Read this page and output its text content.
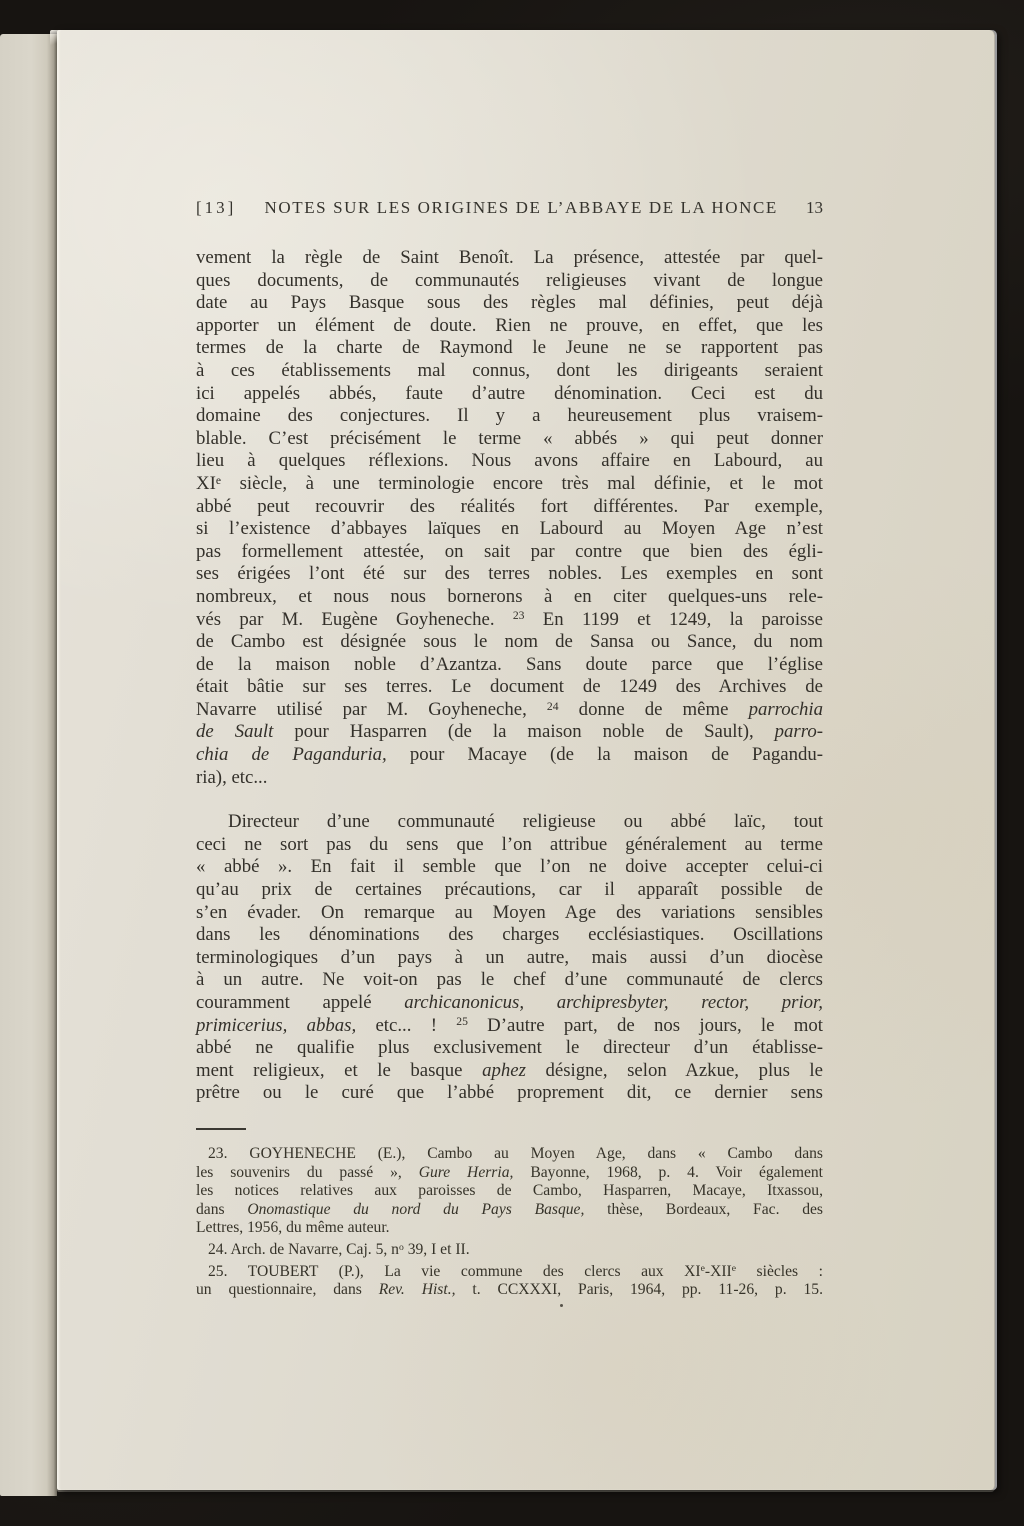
[13]	NOTES SUR LES ORIGINES DE L’ABBAYE DE LA HONCE	13
vement la règle de Saint Benoît. La présence, attestée par quel-
ques documents, de communautés religieuses vivant de longue
date au Pays Basque sous des règles mal définies, peut déjà
apporter un élément de doute. Rien ne prouve, en effet, que les
termes de la charte de Raymond le Jeune ne se rapportent pas
à ces établissements mal connus, dont les dirigeants seraient
ici appelés abbés, faute d’autre dénomination. Ceci est du
domaine des conjectures. Il y a heureusement plus vraisem-
blable. C’est précisément le terme « abbés » qui peut donner
lieu à quelques réflexions. Nous avons affaire en Labourd, au
XIe siècle, à une terminologie encore très mal définie, et le mot
abbé peut recouvrir des réalités fort différentes. Par exemple,
si l’existence d’abbayes laïques en Labourd au Moyen Age n’est
pas formellement attestée, on sait par contre que bien des égli-
ses érigées l’ont été sur des terres nobles. Les exemples en sont
nombreux, et nous nous bornerons à en citer quelques-uns rele-
vés par M. Eugène Goyheneche. $^{23}$ En 1199 et 1249, la paroisse
de Cambo est désignée sous le nom de Sansa ou Sance, du nom
de la maison noble d’Azantza. Sans doute parce que l’église
était bâtie sur ses terres. Le document de 1249 des Archives de
Navarre utilisé par M. Goyheneche, $^{24}$ donne de même parrochia
de Sault pour Hasparren (de la maison noble de Sault), parro-
chia de Paganduria, pour Macaye (de la maison de Pagandu-
ria), etc...
Directeur d’une communauté religieuse ou abbé laïc, tout
ceci ne sort pas du sens que l’on attribue généralement au terme
« abbé ». En fait il semble que l’on ne doive accepter celui-ci
qu’au prix de certaines précautions, car il apparaît possible de
s’en évader. On remarque au Moyen Age des variations sensibles
dans les dénominations des charges ecclésiastiques. Oscillations
terminologiques d’un pays à un autre, mais aussi d’un diocèse
à un autre. Ne voit-on pas le chef d’une communauté de clercs
couramment appelé archicanonicus, archipresbyter, rector, prior,
primicerius, abbas, etc... ! $^{25}$ D’autre part, de nos jours, le mot
abbé ne qualifie plus exclusivement le directeur d’un établisse-
ment religieux, et le basque aphez désigne, selon Azkue, plus le
prêtre ou le curé que l’abbé proprement dit, ce dernier sens
23. GOYHENECHE (E.), Cambo au Moyen Age, dans « Cambo dans
les souvenirs du passé », Gure Herria, Bayonne, 1968, p. 4. Voir également
les notices relatives aux paroisses de Cambo, Hasparren, Macaye, Itxassou,
dans Onomastique du nord du Pays Basque, thèse, Bordeaux, Fac. des
Lettres, 1956, du même auteur.
24. Arch. de Navarre, Caj. 5, $n^o$ 39, I et II.
25. TOUBERT (P.), La vie commune des clercs aux XIe-XIIe siècles :
un questionnaire, dans Rev. Hist., t. CCXXXI, Paris, 1964, pp. 11-26, p. 15.
